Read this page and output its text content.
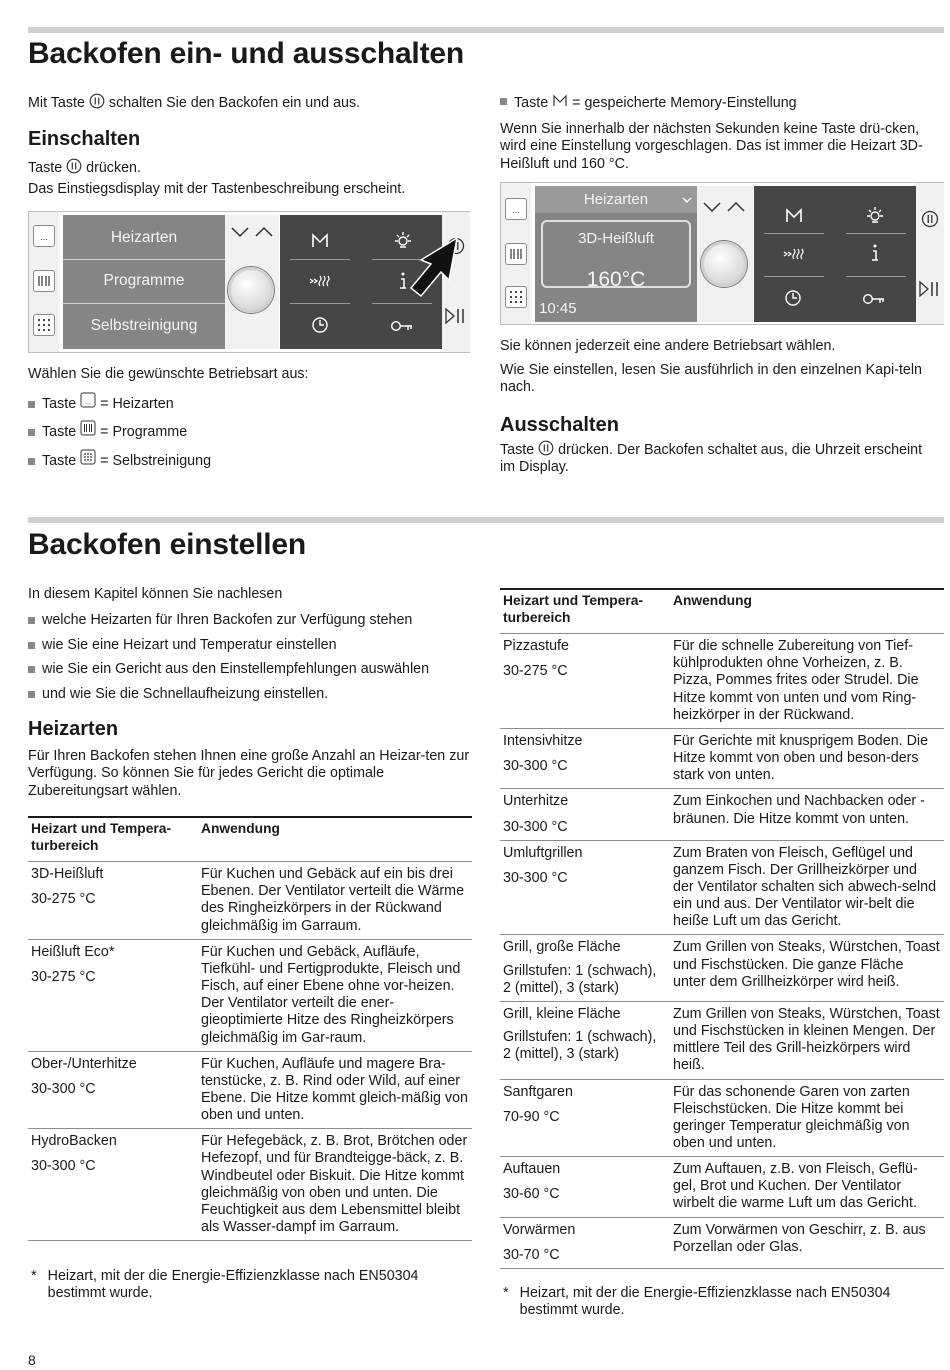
Backofen ein- und ausschalten
Mit Taste schalten Sie den Backofen ein und aus.
Einschalten
Taste drücken.
Das Einstiegsdisplay mit der Tastenbeschreibung erscheint.
...	Heizarten
Programme
Selbstreinigung
Wählen Sie die gewünschte Betriebsart aus:
Taste
...
= Heizarten
Taste

= Programme
Taste

= Selbstreinigung
Taste = gespeicherte Memory-Einstellung
Wenn Sie innerhalb der nächsten Sekunden keine Taste drü-cken, wird eine Einstellung vorgeschlagen. Das ist immer die Heizart 3D-Heißluft und 160 °C.
...
Heizarten
3D-Heißluft
160°C
10:45
Sie können jederzeit eine andere Betriebsart wählen.
Wie Sie einstellen, lesen Sie ausführlich in den einzelnen Kapi-teln nach.
Ausschalten
Taste drücken. Der Backofen schaltet aus, die Uhrzeit erscheint im Display.
Backofen einstellen
In diesem Kapitel können Sie nachlesen
welche Heizarten für Ihren Backofen zur Verfügung stehen
wie Sie eine Heizart und Temperatur einstellen
wie Sie ein Gericht aus den Einstellempfehlungen auswählen
und wie Sie die Schnellaufheizung einstellen.
Heizarten
Für Ihren Backofen stehen Ihnen eine große Anzahl an Heizar-ten zur Verfügung. So können Sie für jedes Gericht die optimale Zubereitungsart wählen.
Heizart und Tempera-turbereich	Anwendung
3D-Heißluft
30-275 °C	Für Kuchen und Gebäck auf ein bis drei Ebenen. Der Ventilator verteilt die Wärme des Ringheizkörpers in der Rückwand gleichmäßig im Garraum.
Heißluft Eco*
30-275 °C	Für Kuchen und Gebäck, Aufläufe, Tiefkühl- und Fertigprodukte, Fleisch und Fisch, auf einer Ebene ohne vor-heizen. Der Ventilator verteilt die ener-gieoptimierte Hitze des Ringheizkörpers gleichmäßig im Gar-raum.
Ober-/Unterhitze
30-300 °C	Für Kuchen, Aufläufe und magere Bra-tenstücke, z. B. Rind oder Wild, auf einer Ebene. Die Hitze kommt gleich-mäßig von oben und unten.
HydroBacken
30-300 °C	Für Hefegebäck, z. B. Brot, Brötchen oder Hefezopf, und für Brandteigge-bäck, z. B. Windbeutel oder Biskuit. Die Hitze kommt gleichmäßig von oben und unten. Die Feuchtigkeit aus dem Lebensmittel bleibt als Wasser-dampf im Garraum.
* Heizart, mit der die Energie-Effizienzklasse nach EN50304 bestimmt wurde.
Heizart und Tempera-turbereich	Anwendung
Pizzastufe
30-275 °C	Für die schnelle Zubereitung von Tief-kühlprodukten ohne Vorheizen, z. B. Pizza, Pommes frites oder Strudel. Die Hitze kommt von unten und vom Ring-heizkörper in der Rückwand.
Intensivhitze
30-300 °C	Für Gerichte mit knusprigem Boden. Die Hitze kommt von oben und beson-ders stark von unten.
Unterhitze
30-300 °C	Zum Einkochen und Nachbacken oder -bräunen. Die Hitze kommt von unten.
Umluftgrillen
30-300 °C	Zum Braten von Fleisch, Geflügel und ganzem Fisch. Der Grillheizkörper und der Ventilator schalten sich abwech-selnd ein und aus. Der Ventilator wir-belt die heiße Luft um das Gericht.
Grill, große Fläche
Grillstufen: 1 (schwach), 2 (mittel), 3 (stark)	Zum Grillen von Steaks, Würstchen, Toast und Fischstücken. Die ganze Fläche unter dem Grillheizkörper wird heiß.
Grill, kleine Fläche
Grillstufen: 1 (schwach), 2 (mittel), 3 (stark)	Zum Grillen von Steaks, Würstchen, Toast und Fischstücken in kleinen Mengen. Der mittlere Teil des Grill-heizkörpers wird heiß.
Sanftgaren
70-90 °C	Für das schonende Garen von zarten Fleischstücken. Die Hitze kommt bei geringer Temperatur gleichmäßig von oben und unten.
Auftauen
30-60 °C	Zum Auftauen, z.B. von Fleisch, Geflü-gel, Brot und Kuchen. Der Ventilator wirbelt die warme Luft um das Gericht.
Vorwärmen
30-70 °C	Zum Vorwärmen von Geschirr, z. B. aus Porzellan oder Glas.
* Heizart, mit der die Energie-Effizienzklasse nach EN50304 bestimmt wurde.
8
